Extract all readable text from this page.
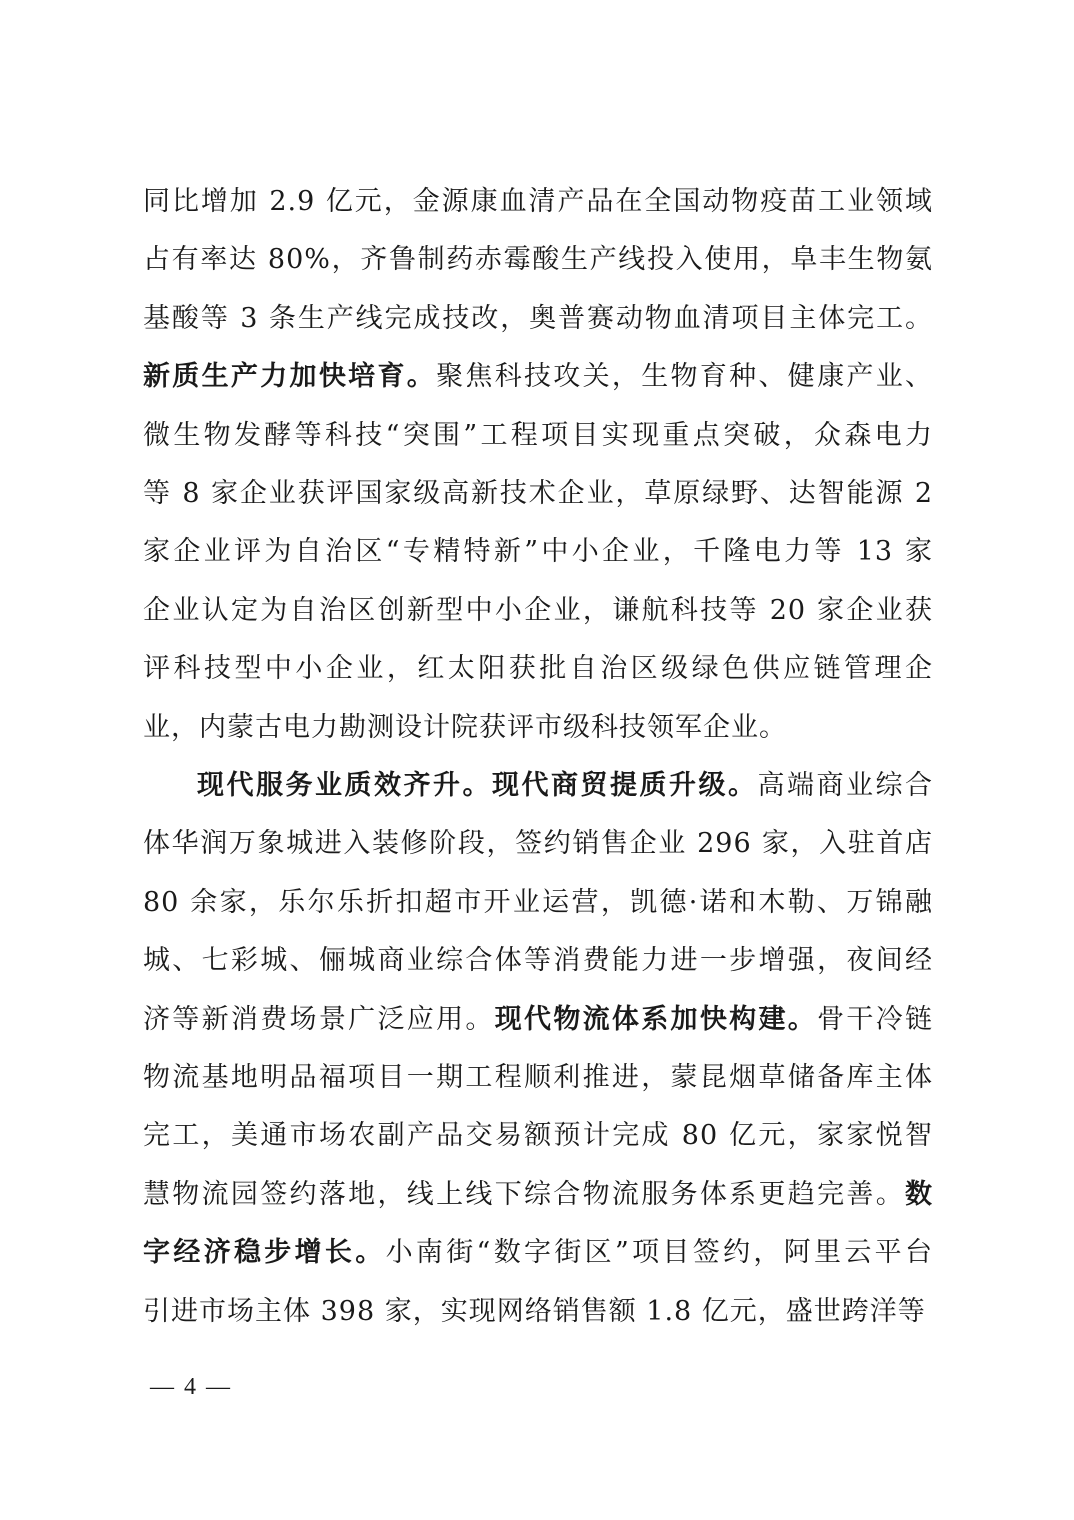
同比增加 2.9 亿元，金源康血清产品在全国动物疫苗工业领域
占有率达 80%，齐鲁制药赤霉酸生产线投入使用，阜丰生物氨
基酸等 3 条生产线完成技改，奥普赛动物血清项目主体完工。
新质生产力加快培育。聚焦科技攻关，生物育种、健康产业、
微生物发酵等科技“突围”工程项目实现重点突破，众森电力
等 8 家企业获评国家级高新技术企业，草原绿野、达智能源 2
家企业评为自治区“专精特新”中小企业，千隆电力等 13 家
企业认定为自治区创新型中小企业，谦航科技等 20 家企业获
评科技型中小企业，红太阳获批自治区级绿色供应链管理企
业，内蒙古电力勘测设计院获评市级科技领军企业。
现代服务业质效齐升。现代商贸提质升级。高端商业综合
体华润万象城进入装修阶段，签约销售企业 296 家，入驻首店
80 余家，乐尔乐折扣超市开业运营，凯德·诺和木勒、万锦融
城、七彩城、俪城商业综合体等消费能力进一步增强，夜间经
济等新消费场景广泛应用。现代物流体系加快构建。骨干冷链
物流基地明品福项目一期工程顺利推进，蒙昆烟草储备库主体
完工，美通市场农副产品交易额预计完成 80 亿元，家家悦智
慧物流园签约落地，线上线下综合物流服务体系更趋完善。数
字经济稳步增长。小南街“数字街区”项目签约，阿里云平台
引进市场主体 398 家，实现网络销售额 1.8 亿元，盛世跨洋等
— 4 —
